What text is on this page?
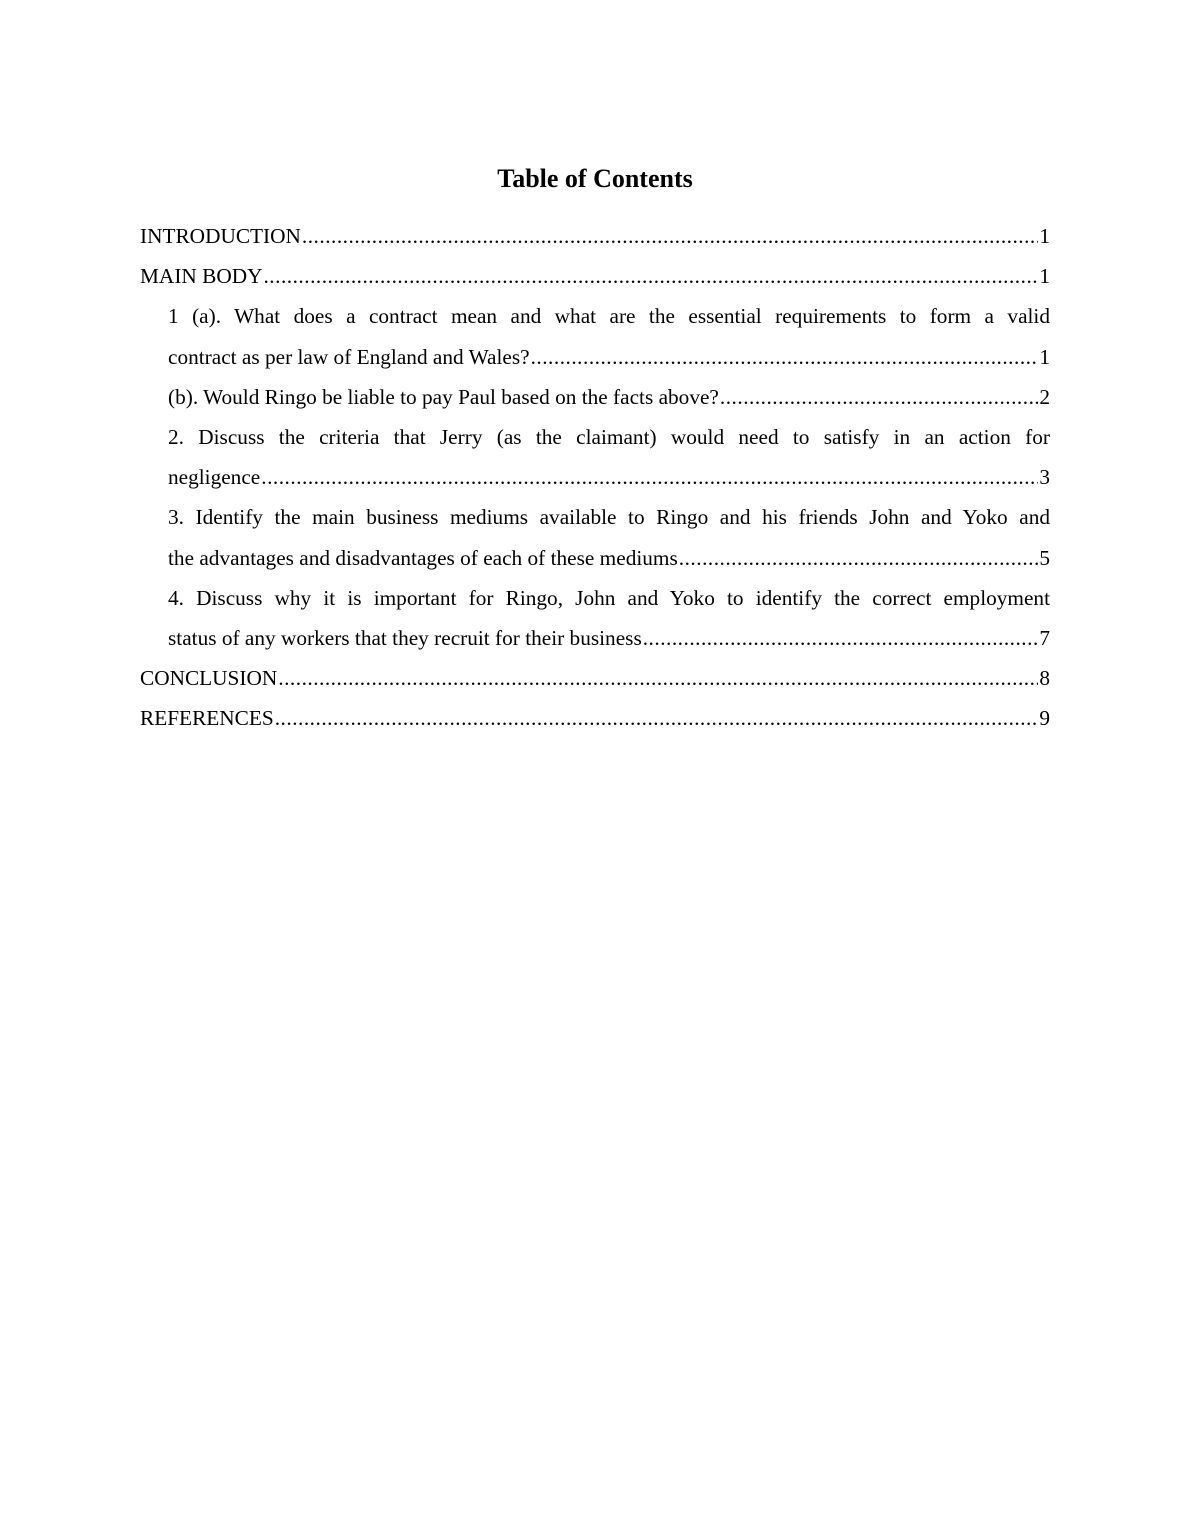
Table of Contents
INTRODUCTION .....	1
MAIN BODY .....	1
1 (a). What does a contract mean and what are the essential requirements to form a valid
contract as per law of England and Wales? .....	1
(b). Would Ringo be liable to pay Paul based on the facts above? .....	2
2. Discuss the criteria that Jerry (as the claimant) would need to satisfy in an action for
negligence .....	3
3. Identify the main business mediums available to Ringo and his friends John and Yoko and
the advantages and disadvantages of each of these mediums .....	5
4. Discuss why it is important for Ringo, John and Yoko to identify the correct employment
status of any workers that they recruit for their business .....	7
CONCLUSION .....	8
REFERENCES .....	9
